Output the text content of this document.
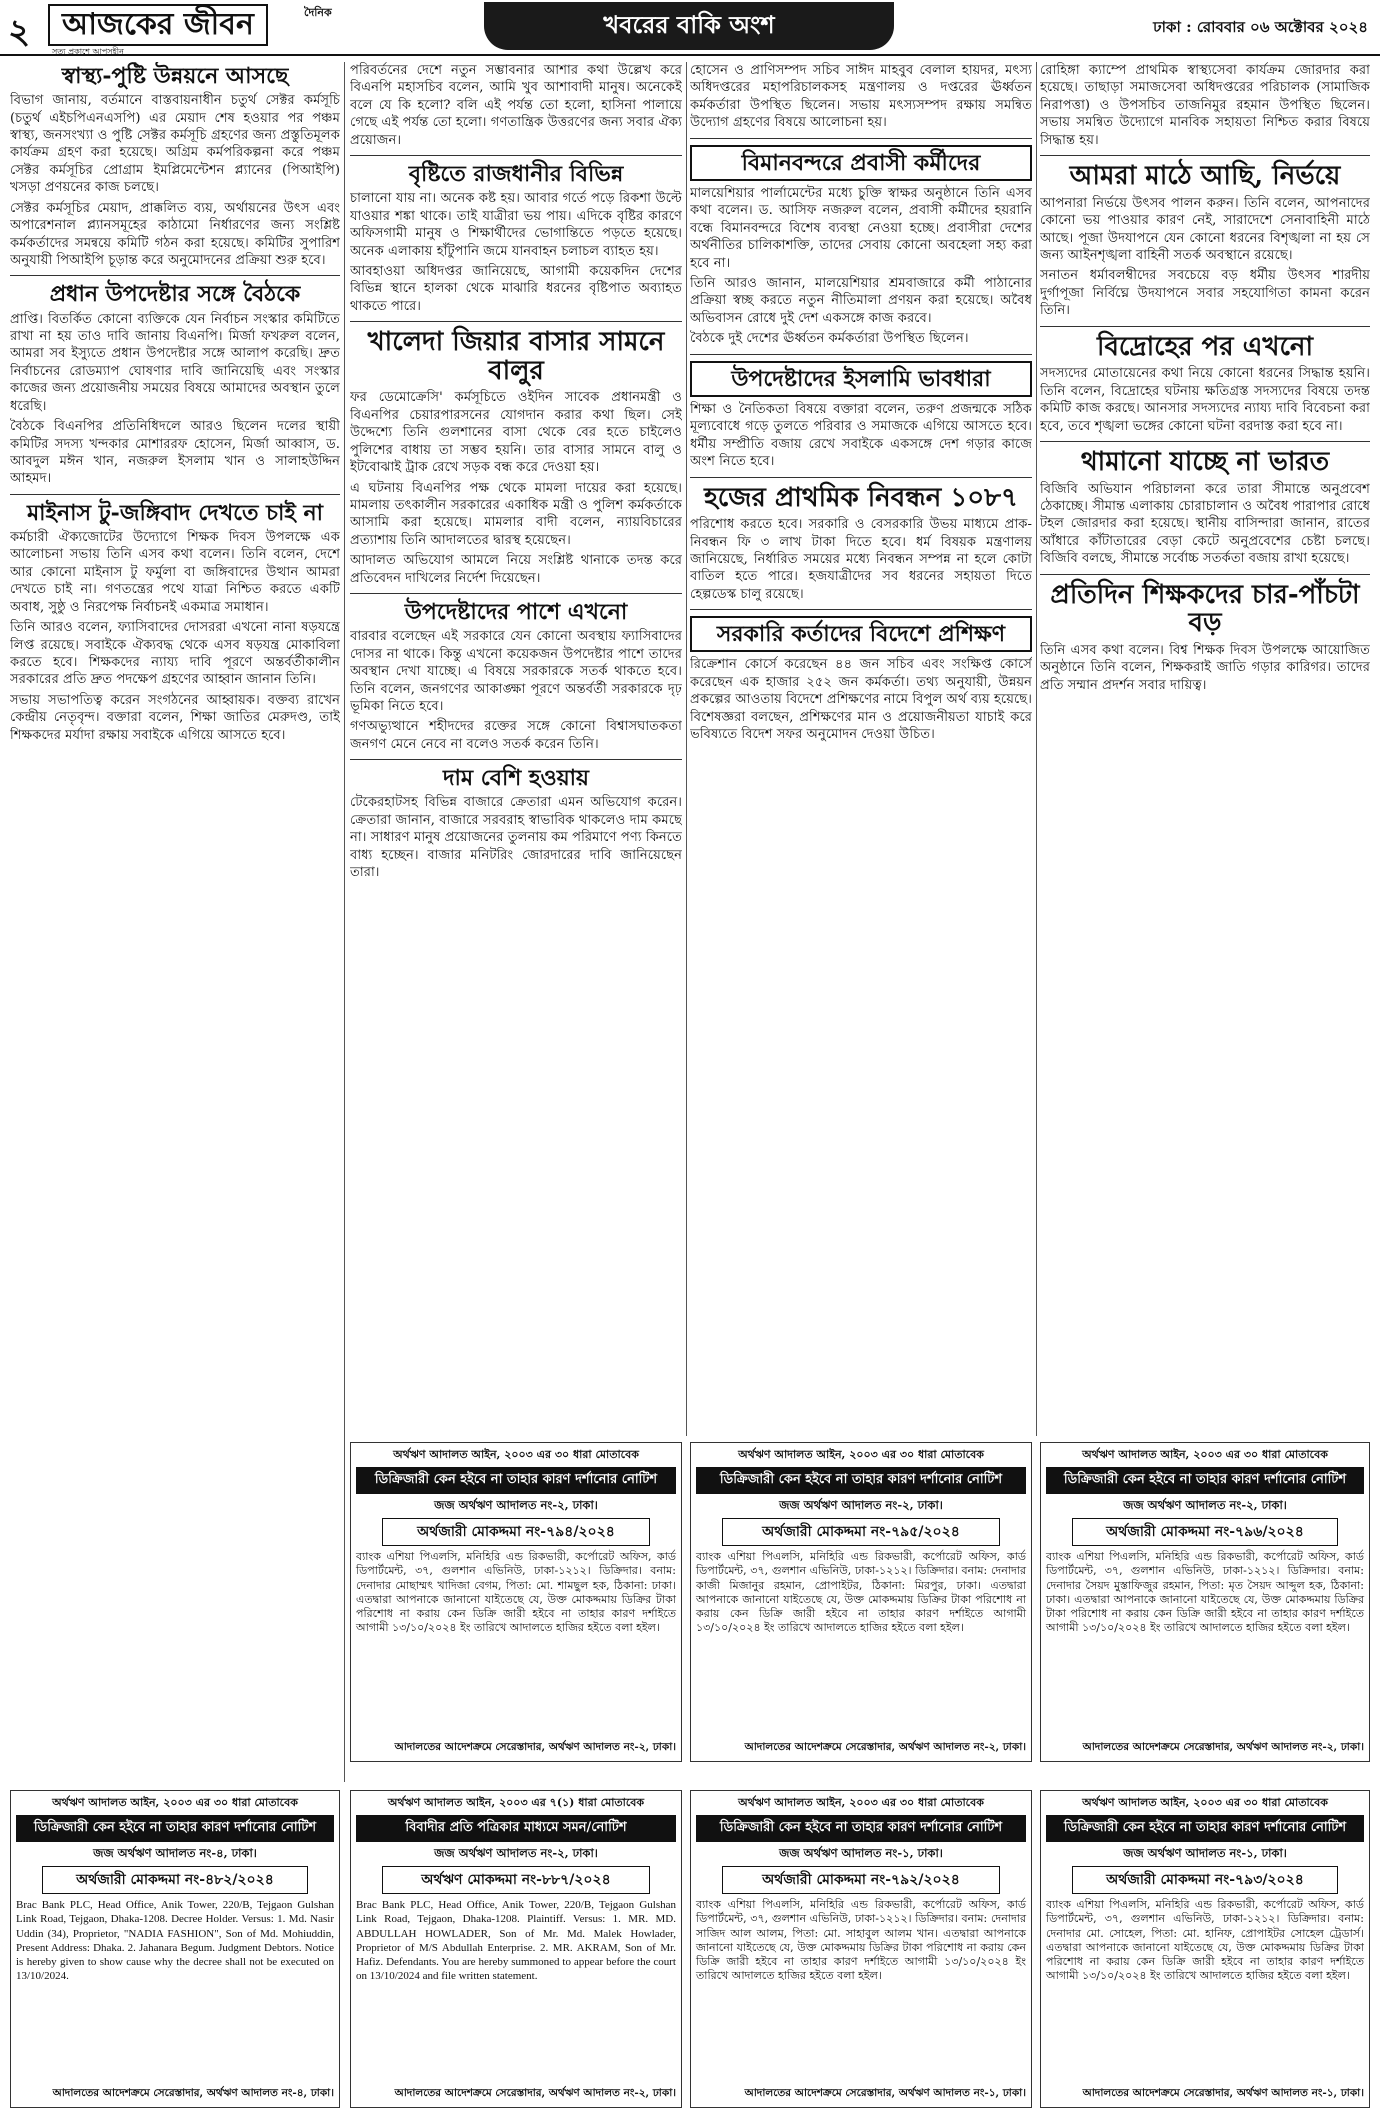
২	আজকের জীবন	দৈনিক
সত্য প্রকাশে আপসহীন
খবরের বাকি অংশ	ঢাকা : রোববার ০৬ অক্টোবর ২০২৪
স্বাস্থ্য-পুষ্টি উন্নয়নে আসছে

বিভাগ জানায়, বর্তমানে বাস্তবায়নাধীন চতুর্থ সেক্টর কর্মসূচি (চতুর্থ এইচপিএনএসপি) এর মেয়াদ শেষ হওয়ার পর পঞ্চম স্বাস্থ্য, জনসংখ্যা ও পুষ্টি সেক্টর কর্মসূচি গ্রহণের জন্য প্রস্তুতিমূলক কার্যক্রম গ্রহণ করা হয়েছে। অগ্রিম কর্মপরিকল্পনা করে পঞ্চম সেক্টর কর্মসূচির প্রোগ্রাম ইমপ্লিমেন্টেশন প্ল্যানের (পিআইপি) খসড়া প্রণয়নের কাজ চলছে।

সেক্টর কর্মসূচির মেয়াদ, প্রাক্কলিত ব্যয়, অর্থায়নের উৎস এবং অপারেশনাল প্ল্যানসমূহের কাঠামো নির্ধারণের জন্য সংশ্লিষ্ট কর্মকর্তাদের সমন্বয়ে কমিটি গঠন করা হয়েছে। কমিটির সুপারিশ অনুযায়ী পিআইপি চূড়ান্ত করে অনুমোদনের প্রক্রিয়া শুরু হবে।

প্রধান উপদেষ্টার সঙ্গে বৈঠকে

প্রাপ্তি। বিতর্কিত কোনো ব্যক্তিকে যেন নির্বাচন সংস্কার কমিটিতে রাখা না হয় তাও দাবি জানায় বিএনপি। মির্জা ফখরুল বলেন, আমরা সব ইস্যুতে প্রধান উপদেষ্টার সঙ্গে আলাপ করেছি। দ্রুত নির্বাচনের রোডম্যাপ ঘোষণার দাবি জানিয়েছি এবং সংস্কার কাজের জন্য প্রয়োজনীয় সময়ের বিষয়ে আমাদের অবস্থান তুলে ধরেছি।

বৈঠকে বিএনপির প্রতিনিধিদলে আরও ছিলেন দলের স্থায়ী কমিটির সদস্য খন্দকার মোশাররফ হোসেন, মির্জা আব্বাস, ড. আবদুল মঈন খান, নজরুল ইসলাম খান ও সালাহউদ্দিন আহমদ।

মাইনাস টু-জঙ্গিবাদ দেখতে চাই না

কর্মচারী ঐক্যজোটের উদ্যোগে শিক্ষক দিবস উপলক্ষে এক আলোচনা সভায় তিনি এসব কথা বলেন। তিনি বলেন, দেশে আর কোনো মাইনাস টু ফর্মুলা বা জঙ্গিবাদের উত্থান আমরা দেখতে চাই না। গণতন্ত্রের পথে যাত্রা নিশ্চিত করতে একটি অবাধ, সুষ্ঠু ও নিরপেক্ষ নির্বাচনই একমাত্র সমাধান।

তিনি আরও বলেন, ফ্যাসিবাদের দোসররা এখনো নানা ষড়যন্ত্রে লিপ্ত রয়েছে। সবাইকে ঐক্যবদ্ধ থেকে এসব ষড়যন্ত্র মোকাবিলা করতে হবে। শিক্ষকদের ন্যায্য দাবি পূরণে অন্তর্বর্তীকালীন সরকারের প্রতি দ্রুত পদক্ষেপ গ্রহণের আহ্বান জানান তিনি।

সভায় সভাপতিত্ব করেন সংগঠনের আহ্বায়ক। বক্তব্য রাখেন কেন্দ্রীয় নেতৃবৃন্দ। বক্তারা বলেন, শিক্ষা জাতির মেরুদণ্ড, তাই শিক্ষকদের মর্যাদা রক্ষায় সবাইকে এগিয়ে আসতে হবে।

পরিবর্তনের দেশে নতুন সম্ভাবনার আশার কথা উল্লেখ করে বিএনপি মহাসচিব বলেন, আমি খুব আশাবাদী মানুষ। অনেকেই বলে যে কি হলো? বলি এই পর্যন্ত তো হলো, হাসিনা পালায়ে গেছে এই পর্যন্ত তো হলো। গণতান্ত্রিক উত্তরণের জন্য সবার ঐক্য প্রয়োজন।

বৃষ্টিতে রাজধানীর বিভিন্ন

চালানো যায় না। অনেক কষ্ট হয়। আবার গর্তে পড়ে রিকশা উল্টে যাওয়ার শঙ্কা থাকে। তাই যাত্রীরা ভয় পায়। এদিকে বৃষ্টির কারণে অফিসগামী মানুষ ও শিক্ষার্থীদের ভোগান্তিতে পড়তে হয়েছে। অনেক এলাকায় হাঁটুপানি জমে যানবাহন চলাচল ব্যাহত হয়।

আবহাওয়া অধিদপ্তর জানিয়েছে, আগামী কয়েকদিন দেশের বিভিন্ন স্থানে হালকা থেকে মাঝারি ধরনের বৃষ্টিপাত অব্যাহত থাকতে পারে।

খালেদা জিয়ার বাসার সামনে বালুর

ফর ডেমোক্রেসি' কর্মসূচিতে ওইদিন সাবেক প্রধানমন্ত্রী ও বিএনপির চেয়ারপারসনের যোগদান করার কথা ছিল। সেই উদ্দেশ্যে তিনি গুলশানের বাসা থেকে বের হতে চাইলেও পুলিশের বাধায় তা সম্ভব হয়নি। তার বাসার সামনে বালু ও ইটবোঝাই ট্রাক রেখে সড়ক বন্ধ করে দেওয়া হয়।

এ ঘটনায় বিএনপির পক্ষ থেকে মামলা দায়ের করা হয়েছে। মামলায় তৎকালীন সরকারের একাধিক মন্ত্রী ও পুলিশ কর্মকর্তাকে আসামি করা হয়েছে। মামলার বাদী বলেন, ন্যায়বিচারের প্রত্যাশায় তিনি আদালতের দ্বারস্থ হয়েছেন।

আদালত অভিযোগ আমলে নিয়ে সংশ্লিষ্ট থানাকে তদন্ত করে প্রতিবেদন দাখিলের নির্দেশ দিয়েছেন।

উপদেষ্টাদের পাশে এখনো

বারবার বলেছেন এই সরকারে যেন কোনো অবস্থায় ফ্যাসিবাদের দোসর না থাকে। কিন্তু এখনো কয়েকজন উপদেষ্টার পাশে তাদের অবস্থান দেখা যাচ্ছে। এ বিষয়ে সরকারকে সতর্ক থাকতে হবে। তিনি বলেন, জনগণের আকাঙ্ক্ষা পূরণে অন্তর্বর্তী সরকারকে দৃঢ় ভূমিকা নিতে হবে।

গণঅভ্যুত্থানে শহীদদের রক্তের সঙ্গে কোনো বিশ্বাসঘাতকতা জনগণ মেনে নেবে না বলেও সতর্ক করেন তিনি।

দাম বেশি হওয়ায়

টেকেরহাটসহ বিভিন্ন বাজারে ক্রেতারা এমন অভিযোগ করেন। ক্রেতারা জানান, বাজারে সরবরাহ স্বাভাবিক থাকলেও দাম কমছে না। সাধারণ মানুষ প্রয়োজনের তুলনায় কম পরিমাণে পণ্য কিনতে বাধ্য হচ্ছেন। বাজার মনিটরিং জোরদারের দাবি জানিয়েছেন তারা।

হোসেন ও প্রাণিসম্পদ সচিব সাঈদ মাহবুব বেলাল হায়দর, মৎস্য অধিদপ্তরের মহাপরিচালকসহ মন্ত্রণালয় ও দপ্তরের ঊর্ধ্বতন কর্মকর্তারা উপস্থিত ছিলেন। সভায় মৎস্যসম্পদ রক্ষায় সমন্বিত উদ্যোগ গ্রহণের বিষয়ে আলোচনা হয়।

বিমানবন্দরে প্রবাসী কর্মীদের

মালয়েশিয়ার পার্লামেন্টের মধ্যে চুক্তি স্বাক্ষর অনুষ্ঠানে তিনি এসব কথা বলেন। ড. আসিফ নজরুল বলেন, প্রবাসী কর্মীদের হয়রানি বন্ধে বিমানবন্দরে বিশেষ ব্যবস্থা নেওয়া হচ্ছে। প্রবাসীরা দেশের অর্থনীতির চালিকাশক্তি, তাদের সেবায় কোনো অবহেলা সহ্য করা হবে না।

তিনি আরও জানান, মালয়েশিয়ার শ্রমবাজারে কর্মী পাঠানোর প্রক্রিয়া স্বচ্ছ করতে নতুন নীতিমালা প্রণয়ন করা হয়েছে। অবৈধ অভিবাসন রোধে দুই দেশ একসঙ্গে কাজ করবে।

বৈঠকে দুই দেশের ঊর্ধ্বতন কর্মকর্তারা উপস্থিত ছিলেন।

উপদেষ্টাদের ইসলামি ভাবধারা

শিক্ষা ও নৈতিকতা বিষয়ে বক্তারা বলেন, তরুণ প্রজন্মকে সঠিক মূল্যবোধে গড়ে তুলতে পরিবার ও সমাজকে এগিয়ে আসতে হবে। ধর্মীয় সম্প্রীতি বজায় রেখে সবাইকে একসঙ্গে দেশ গড়ার কাজে অংশ নিতে হবে।

হজের প্রাথমিক নিবন্ধন ১০৮৭

পরিশোধ করতে হবে। সরকারি ও বেসরকারি উভয় মাধ্যমে প্রাক-নিবন্ধন ফি ৩ লাখ টাকা দিতে হবে। ধর্ম বিষয়ক মন্ত্রণালয় জানিয়েছে, নির্ধারিত সময়ের মধ্যে নিবন্ধন সম্পন্ন না হলে কোটা বাতিল হতে পারে। হজযাত্রীদের সব ধরনের সহায়তা দিতে হেল্পডেস্ক চালু রয়েছে।

সরকারি কর্তাদের বিদেশে প্রশিক্ষণ

রিক্রেশান কোর্সে করেছেন ৪৪ জন সচিব এবং সংক্ষিপ্ত কোর্সে করেছেন এক হাজার ২৫২ জন কর্মকর্তা। তথ্য অনুযায়ী, উন্নয়ন প্রকল্পের আওতায় বিদেশে প্রশিক্ষণের নামে বিপুল অর্থ ব্যয় হয়েছে। বিশেষজ্ঞরা বলছেন, প্রশিক্ষণের মান ও প্রয়োজনীয়তা যাচাই করে ভবিষ্যতে বিদেশ সফর অনুমোদন দেওয়া উচিত।

রোহিঙ্গা ক্যাম্পে প্রাথমিক স্বাস্থ্যসেবা কার্যক্রম জোরদার করা হয়েছে। তাছাড়া সমাজসেবা অধিদপ্তরের পরিচালক (সামাজিক নিরাপত্তা) ও উপসচিব তাজনিমুর রহমান উপস্থিত ছিলেন। সভায় সমন্বিত উদ্যোগে মানবিক সহায়তা নিশ্চিত করার বিষয়ে সিদ্ধান্ত হয়।

আমরা মাঠে আছি, নির্ভয়ে

আপনারা নির্ভয়ে উৎসব পালন করুন। তিনি বলেন, আপনাদের কোনো ভয় পাওয়ার কারণ নেই, সারাদেশে সেনাবাহিনী মাঠে আছে। পূজা উদযাপনে যেন কোনো ধরনের বিশৃঙ্খলা না হয় সে জন্য আইনশৃঙ্খলা বাহিনী সতর্ক অবস্থানে রয়েছে।

সনাতন ধর্মাবলম্বীদের সবচেয়ে বড় ধর্মীয় উৎসব শারদীয় দুর্গাপূজা নির্বিঘ্নে উদযাপনে সবার সহযোগিতা কামনা করেন তিনি।

বিদ্রোহের পর এখনো

সদস্যদের মোতায়েনের কথা নিয়ে কোনো ধরনের সিদ্ধান্ত হয়নি। তিনি বলেন, বিদ্রোহের ঘটনায় ক্ষতিগ্রস্ত সদস্যদের বিষয়ে তদন্ত কমিটি কাজ করছে। আনসার সদস্যদের ন্যায্য দাবি বিবেচনা করা হবে, তবে শৃঙ্খলা ভঙ্গের কোনো ঘটনা বরদাস্ত করা হবে না।

থামানো যাচ্ছে না ভারত

বিজিবি অভিযান পরিচালনা করে তারা সীমান্তে অনুপ্রবেশ ঠেকাচ্ছে। সীমান্ত এলাকায় চোরাচালান ও অবৈধ পারাপার রোধে টহল জোরদার করা হয়েছে। স্থানীয় বাসিন্দারা জানান, রাতের আঁধারে কাঁটাতারের বেড়া কেটে অনুপ্রবেশের চেষ্টা চলছে। বিজিবি বলছে, সীমান্তে সর্বোচ্চ সতর্কতা বজায় রাখা হয়েছে।

প্রতিদিন শিক্ষকদের চার-পাঁচটা বড়

তিনি এসব কথা বলেন। বিশ্ব শিক্ষক দিবস উপলক্ষে আয়োজিত অনুষ্ঠানে তিনি বলেন, শিক্ষকরাই জাতি গড়ার কারিগর। তাদের প্রতি সম্মান প্রদর্শন সবার দায়িত্ব।

অর্থঋণ আদালত আইন, ২০০৩ এর ৩০ ধারা মোতাবেক
ডিক্রিজারী কেন হইবে না তাহার কারণ দর্শানোর নোটিশ
জজ অর্থঋণ আদালত নং-২, ঢাকা।
অর্থজারী মোকদ্দমা নং-৭৯৪/২০২৪
ব্যাংক এশিয়া পিএলসি, মনিহিরি এন্ড রিকভারী, কর্পোরেট অফিস, কার্ড ডিপার্টমেন্ট, ৩৭, গুলশান এভিনিউ, ঢাকা-১২১২। ডিক্রিদার। বনাম: দেনাদার মোছাম্মৎ খাদিজা বেগম, পিতা: মো. শামছুল হক, ঠিকানা: ঢাকা। এতদ্বারা আপনাকে জানানো যাইতেছে যে, উক্ত মোকদ্দমায় ডিক্রির টাকা পরিশোধ না করায় কেন ডিক্রি জারী হইবে না তাহার কারণ দর্শাইতে আগামী ১৩/১০/২০২৪ ইং তারিখে আদালতে হাজির হইতে বলা হইল।
আদালতের আদেশক্রমে সেরেস্তাদার, অর্থঋণ আদালত নং-২, ঢাকা।
অর্থঋণ আদালত আইন, ২০০৩ এর ৩০ ধারা মোতাবেক
ডিক্রিজারী কেন হইবে না তাহার কারণ দর্শানোর নোটিশ
জজ অর্থঋণ আদালত নং-২, ঢাকা।
অর্থজারী মোকদ্দমা নং-৭৯৫/২০২৪
ব্যাংক এশিয়া পিএলসি, মনিহিরি এন্ড রিকভারী, কর্পোরেট অফিস, কার্ড ডিপার্টমেন্ট, ৩৭, গুলশান এভিনিউ, ঢাকা-১২১২। ডিক্রিদার। বনাম: দেনাদার কাজী মিজানুর রহমান, প্রোপাইটর, ঠিকানা: মিরপুর, ঢাকা। এতদ্বারা আপনাকে জানানো যাইতেছে যে, উক্ত মোকদ্দমায় ডিক্রির টাকা পরিশোধ না করায় কেন ডিক্রি জারী হইবে না তাহার কারণ দর্শাইতে আগামী ১৩/১০/২০২৪ ইং তারিখে আদালতে হাজির হইতে বলা হইল।
আদালতের আদেশক্রমে সেরেস্তাদার, অর্থঋণ আদালত নং-২, ঢাকা।
অর্থঋণ আদালত আইন, ২০০৩ এর ৩০ ধারা মোতাবেক
ডিক্রিজারী কেন হইবে না তাহার কারণ দর্শানোর নোটিশ
জজ অর্থঋণ আদালত নং-২, ঢাকা।
অর্থজারী মোকদ্দমা নং-৭৯৬/২০২৪
ব্যাংক এশিয়া পিএলসি, মনিহিরি এন্ড রিকভারী, কর্পোরেট অফিস, কার্ড ডিপার্টমেন্ট, ৩৭, গুলশান এভিনিউ, ঢাকা-১২১২। ডিক্রিদার। বনাম: দেনাদার সৈয়দ মুস্তাফিজুর রহমান, পিতা: মৃত সৈয়দ আব্দুল হক, ঠিকানা: ঢাকা। এতদ্বারা আপনাকে জানানো যাইতেছে যে, উক্ত মোকদ্দমায় ডিক্রির টাকা পরিশোধ না করায় কেন ডিক্রি জারী হইবে না তাহার কারণ দর্শাইতে আগামী ১৩/১০/২০২৪ ইং তারিখে আদালতে হাজির হইতে বলা হইল।
আদালতের আদেশক্রমে সেরেস্তাদার, অর্থঋণ আদালত নং-২, ঢাকা।
অর্থঋণ আদালত আইন, ২০০৩ এর ৩০ ধারা মোতাবেক
ডিক্রিজারী কেন হইবে না তাহার কারণ দর্শানোর নোটিশ
জজ অর্থঋণ আদালত নং-৪, ঢাকা।
অর্থজারী মোকদ্দমা নং-৪৮২/২০২৪
Brac Bank PLC, Head Office, Anik Tower, 220/B, Tejgaon Gulshan Link Road, Tejgaon, Dhaka-1208. Decree Holder. Versus: 1. Md. Nasir Uddin (34), Proprietor, "NADIA FASHION", Son of Md. Mohiuddin, Present Address: Dhaka. 2. Jahanara Begum. Judgment Debtors. Notice is hereby given to show cause why the decree shall not be executed on 13/10/2024.
আদালতের আদেশক্রমে সেরেস্তাদার, অর্থঋণ আদালত নং-৪, ঢাকা।
অর্থঋণ আদালত আইন, ২০০৩ এর ৭(১) ধারা মোতাবেক
বিবাদীর প্রতি পত্রিকার মাধ্যমে সমন/নোটিশ
জজ অর্থঋণ আদালত নং-২, ঢাকা।
অর্থঋণ মোকদ্দমা নং-৮৮৭/২০২৪
Brac Bank PLC, Head Office, Anik Tower, 220/B, Tejgaon Gulshan Link Road, Tejgaon, Dhaka-1208. Plaintiff. Versus: 1. MR. MD. ABDULLAH HOWLADER, Son of Mr. Md. Malek Howlader, Proprietor of M/S Abdullah Enterprise. 2. MR. AKRAM, Son of Mr. Hafiz. Defendants. You are hereby summoned to appear before the court on 13/10/2024 and file written statement.
আদালতের আদেশক্রমে সেরেস্তাদার, অর্থঋণ আদালত নং-২, ঢাকা।
অর্থঋণ আদালত আইন, ২০০৩ এর ৩০ ধারা মোতাবেক
ডিক্রিজারী কেন হইবে না তাহার কারণ দর্শানোর নোটিশ
জজ অর্থঋণ আদালত নং-১, ঢাকা।
অর্থজারী মোকদ্দমা নং-৭৯২/২০২৪
ব্যাংক এশিয়া পিএলসি, মনিহিরি এন্ড রিকভারী, কর্পোরেট অফিস, কার্ড ডিপার্টমেন্ট, ৩৭, গুলশান এভিনিউ, ঢাকা-১২১২। ডিক্রিদার। বনাম: দেনাদার সাজিদ আল আলম, পিতা: মো. সাহাবুল আলম খান। এতদ্বারা আপনাকে জানানো যাইতেছে যে, উক্ত মোকদ্দমায় ডিক্রির টাকা পরিশোধ না করায় কেন ডিক্রি জারী হইবে না তাহার কারণ দর্শাইতে আগামী ১৩/১০/২০২৪ ইং তারিখে আদালতে হাজির হইতে বলা হইল।
আদালতের আদেশক্রমে সেরেস্তাদার, অর্থঋণ আদালত নং-১, ঢাকা।
অর্থঋণ আদালত আইন, ২০০৩ এর ৩০ ধারা মোতাবেক
ডিক্রিজারী কেন হইবে না তাহার কারণ দর্শানোর নোটিশ
জজ অর্থঋণ আদালত নং-১, ঢাকা।
অর্থজারী মোকদ্দমা নং-৭৯৩/২০২৪
ব্যাংক এশিয়া পিএলসি, মনিহিরি এন্ড রিকভারী, কর্পোরেট অফিস, কার্ড ডিপার্টমেন্ট, ৩৭, গুলশান এভিনিউ, ঢাকা-১২১২। ডিক্রিদার। বনাম: দেনাদার মো. সোহেল, পিতা: মো. হানিফ, প্রোপাইটর সোহেল ট্রেডার্স। এতদ্বারা আপনাকে জানানো যাইতেছে যে, উক্ত মোকদ্দমায় ডিক্রির টাকা পরিশোধ না করায় কেন ডিক্রি জারী হইবে না তাহার কারণ দর্শাইতে আগামী ১৩/১০/২০২৪ ইং তারিখে আদালতে হাজির হইতে বলা হইল।
আদালতের আদেশক্রমে সেরেস্তাদার, অর্থঋণ আদালত নং-১, ঢাকা।
